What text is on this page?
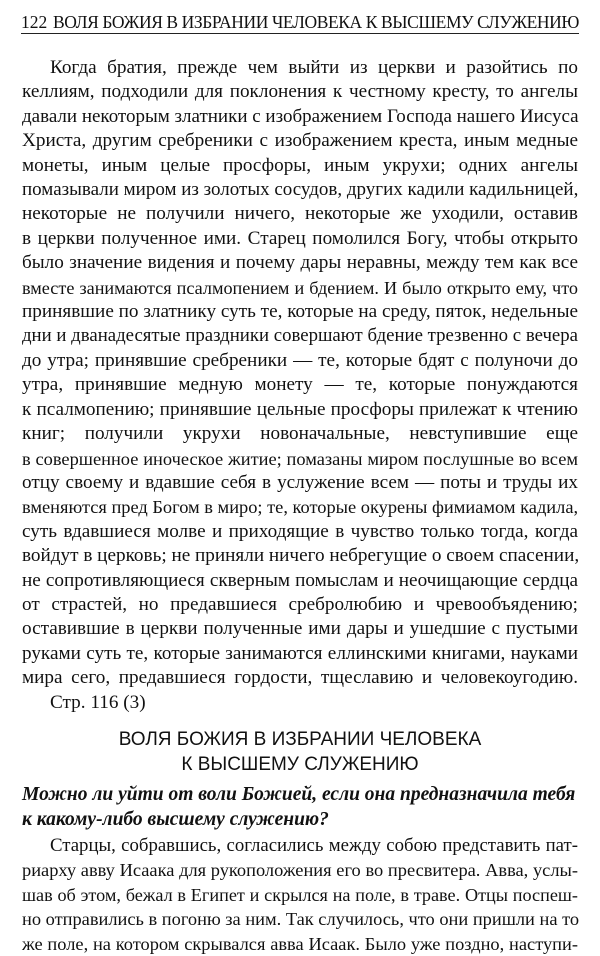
122 ВОЛЯ БОЖИЯ В ИЗБРАНИИ ЧЕЛОВЕКА К ВЫСШЕМУ СЛУЖЕНИЮ

Когда братия, прежде чем выйти из церкви и разойтись по
келлиям, подходили для поклонения к честному кресту, то ангелы
давали некоторым златники с изображением Господа нашего Иисуса
Христа, другим сребреники с изображением креста, иным медные
монеты, иным целые просфоры, иным укрухи; одних ангелы
помазывали миром из золотых сосудов, других кадили кадильницей,
некоторые не получили ничего, некоторые же уходили, оставив
в церкви полученное ими. Старец помолился Богу, чтобы открыто
было значение видения и почему дары неравны, между тем как все
вместе занимаются псалмопением и бдением. И было открыто ему, что
принявшие по златнику суть те, которые на среду, пяток, недельные
дни и дванадесятые праздники совершают бдение трезвенно с вечера
до утра; принявшие сребреники — те, которые бдят с полуночи до
утра, принявшие медную монету — те, которые понуждаются
к псалмопению; принявшие цельные просфоры прилежат к чтению
книг; получили укрухи новоначальные, невступившие еще
в совершенное иноческое житие; помазаны миром послушные во всем
отцу своему и вдавшие себя в услужение всем — поты и труды их
вменяются пред Богом в миро; те, которые окурены фимиамом кадила,
суть вдавшиеся молве и приходящие в чувство только тогда, когда
войдут в церковь; не приняли ничего небрегущие о своем спасении,
не сопротивляющиеся скверным помыслам и неочищающие сердца
от страстей, но предавшиеся сребролюбию и чревообъядению;
оставившие в церкви полученные ими дары и ушедшие с пустыми
руками суть те, которые занимаются еллинскими книгами, науками
мира сего, предавшиеся гордости, тщеславию и человекоугодию.

Стр. 116 (3)

ВОЛЯ БОЖИЯ В ИЗБРАНИИ ЧЕЛОВЕКА
К ВЫСШЕМУ СЛУЖЕНИЮ
Можно ли уйти от воли Божией, если она предназначила тебя
к какому-либо высшему служению?

Старцы, собравшись, согласились между собою представить пат-
риарху авву Исаака для рукоположения его во пресвитера. Авва, услы-
шав об этом, бежал в Египет и скрылся на поле, в траве. Отцы поспеш-
но отправились в погоню за ним. Так случилось, что они пришли на то
же поле, на котором скрывался авва Исаак. Было уже поздно, наступи-
